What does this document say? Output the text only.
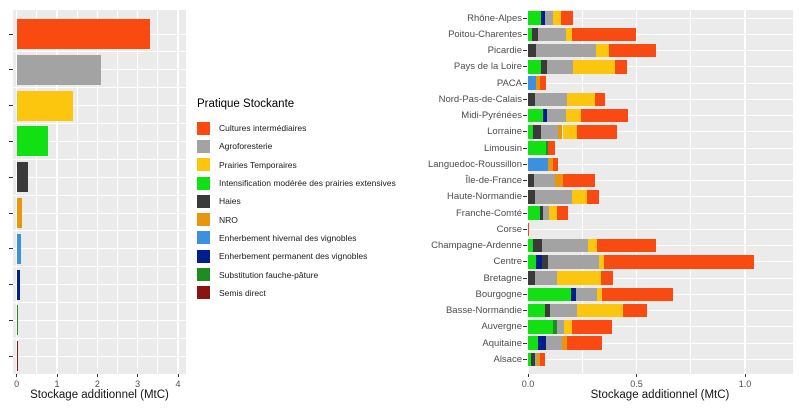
Stockage additionnel (MtC)	Stockage additionnel (MtC)
Pratique Stockante
Cultures intermédiaires
Agroforesterie
Prairies Temporaires
Intensification modérée des prairies extensives
Haies
NRO
Enherbement hivernal des vignobles
Enherbement permanent des vignobles
Substitution fauche-pâture
Semis direct
0	1	2	3	4
Rhône-Alpes
Poitou-Charentes
Picardie
Pays de la Loire
PACA
Nord-Pas-de-Calais
Midi-Pyrénées
Lorraine
Limousin
Languedoc-Roussillon
Île-de-France
Haute-Normandie
Franche-Comté
Corse
Champagne-Ardenne
Centre
Bretagne
Bourgogne
Basse-Normandie
Auvergne
Aquitaine
Alsace
0.0	0.5	1.0
